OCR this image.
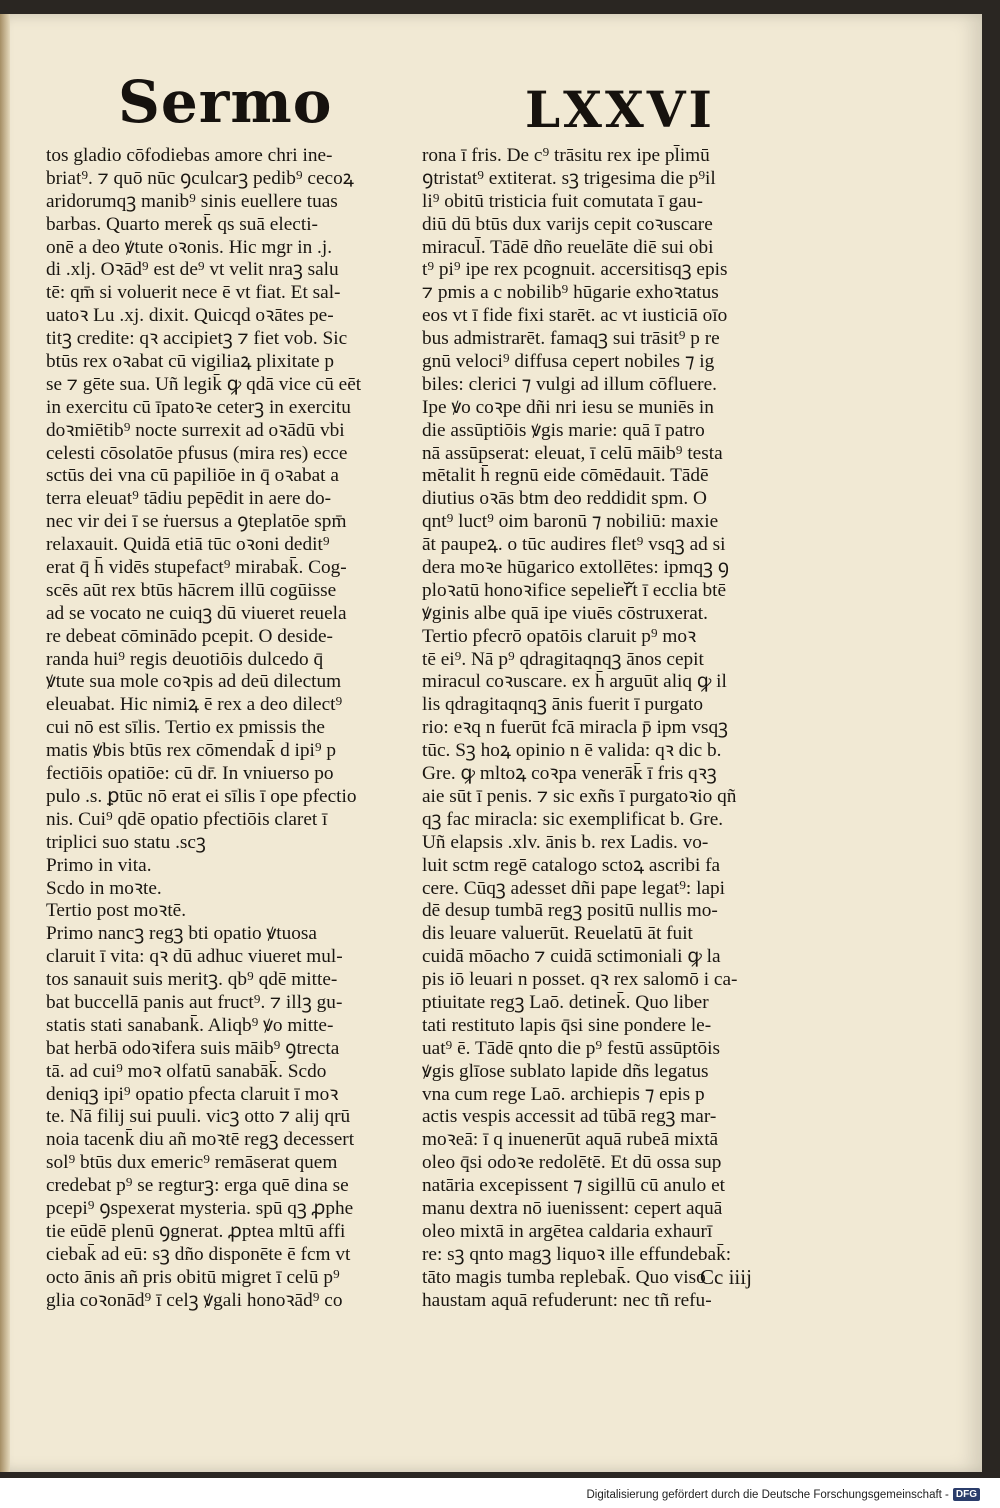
Sermo	LXXVI
tos gladio cōfodiebas amore chri ine-
briat⁹. ⁊ quō nūc ꝯculcarꝫ pedib⁹ cecoꝝ
aridorumqꝫ manib⁹ sinis euellere tuas
barbas. Quarto merek̄ qs suā electi-
onē a deo ꝟtute oꝛonis. Hic mgr in .j.
di .xlj. Oꝛād⁹ est de⁹ vt velit nraꝫ salu
tē: qm̄ si voluerit nece ē vt fiat. Et sal-
uatoꝛ Lu .xj. dixit. Quicqd oꝛātes pe-
titꝫ credite: qꝛ accipietꝫ ⁊ fiet vob. Sic
btūs rex oꝛabat cū vigiliaꝝ plixitate p
se ⁊ gēte sua. Uñ legik̄ ꝙ qdā vice cū eēt
in exercitu cū īpatoꝛe ceterꝫ in exercitu
doꝛmiētib⁹ nocte surrexit ad oꝛādū vbi
celesti cōsolatōe pfusus (mira res) ecce
sctūs dei vna cū papiliōe in q̄ oꝛabat a
terra eleuat⁹ tādiu pepēdit in aere do-
nec vir dei ī se ṙuersus a ꝯteplatōe spm̄
relaxauit. Quidā etiā tūc oꝛoni dedit⁹
erat q̄ h̄ vidēs stupefact⁹ mirabak̄. Cog-
scēs aūt rex btūs hācrem illū cogūisse
ad se vocato ne cuiqꝫ dū viueret reuela
re debeat cōminādo pcepit. O deside-
randa hui⁹ regis deuotiōis dulcedo q̄
ꝟtute sua mole coꝛpis ad deū dilectum
eleuabat. Hic nimiꝝ ē rex a deo dilect⁹
cui nō est sīlis. Tertio ex pmissis the
matis ꝟbis btūs rex cōmendak̄ d ipi⁹ p
fectiōis opatiōe: cū dr̄. In vniuerso po
pulo .s. ꝑtūc nō erat ei sīlis ī ope pfectio
nis. Cui⁹ qdē opatio pfectiōis claret ī
triplici suo statu .scꝫ
Primo in vita.
Scdo in moꝛte.
Tertio post moꝛtē.
Primo nancꝫ regꝫ bti opatio ꝟtuosa
claruit ī vita: qꝛ dū adhuc viueret mul-
tos sanauit suis meritꝫ. qb⁹ qdē mitte-
bat buccellā panis aut fruct⁹. ⁊ illꝫ gu-
statis stati sanabank̄. Aliqb⁹ ꝟo mitte-
bat herbā odoꝛifera suis māib⁹ ꝯtrecta
tā. ad cui⁹ moꝛ olfatū sanabāk̄. Scdo
deniqꝫ ipi⁹ opatio pfecta claruit ī moꝛ
te. Nā filij sui puuli. vicꝫ otto ⁊ alij qrū
noia tacenk̄ diu añ moꝛtē regꝫ decessert
sol⁹ btūs dux emeric⁹ remāserat quem
credebat p⁹ se regturꝫ: erga quē dina se
pcepi⁹ ꝯspexerat mysteria. spū qꝫ ꝓphe
tie eūdē plenū ꝯgnerat. ꝓptea mltū affi
ciebak̄ ad eū: sꝫ dño disponēte ē fcm vt
octo ānis añ pris obitū migret ī celū p⁹
glia coꝛonād⁹ ī celꝫ ꝟgali honoꝛād⁹ co
rona ī fris. De c⁹ trāsitu rex ipe pl̄imū
ꝯtristat⁹ extiterat. sꝫ trigesima die p⁹il
li⁹ obitū tristicia fuit comutata ī gau-
diū dū btūs dux varijs cepit coꝛuscare
miracul̄. Tādē dño reuelāte diē sui obi
t⁹ pi⁹ ipe rex pcognuit. accersitisqꝫ epis
⁊ pmis a c nobilib⁹ hūgarie exhoꝛtatus
eos vt ī fide fixi starēt. ac vt iusticiā oīo
bus admistrarēt. famaqꝫ sui trāsit⁹ p re
gnū veloci⁹ diffusa cepert nobiles ⁊ ig
biles: clerici ⁊ vulgi ad illum cōfluere.
Ipe ꝟo coꝛpe dñi nri iesu se muniēs in
die assūptiōis ꝟgis marie: quā ī patro
nā assūpserat: eleuat, ī celū māib⁹ testa
mētalit h̄ regnū eide cōmēdauit. Tādē
diutius oꝛās btm deo reddidit spm. O
qnt⁹ luct⁹ oim baronū ⁊ nobiliū: maxie
āt paupeꝝ. o tūc audires flet⁹ vsqꝫ ad si
dera moꝛe hūgarico extollētes: ipmqꝫ ꝯ
ploꝛatū honoꝛifice sepelierᷓt ī ecclia btē
ꝟginis albe quā ipe viuēs cōstruxerat.
Tertio pfecrō opatōis claruit p⁹ moꝛ
tē ei⁹. Nā p⁹ qdragitaqnqꝫ ānos cepit
miracul coꝛuscare. ex h̄ arguūt aliq ꝙ il
lis qdragitaqnqꝫ ānis fuerit ī purgato
rio: eꝛq n fuerūt fcā miracla p̄ ipm vsqꝫ
tūc. Sꝫ hoꝝ opinio n ē valida: qꝛ dic b.
Gre. ꝙ mltoꝝ coꝛpa venerāk̄ ī fris qꝛꝫ
aie sūt ī penis. ⁊ sic exñs ī purgatoꝛio qñ
qꝫ fac miracla: sic exemplificat b. Gre.
Uñ elapsis .xlv. ānis b. rex Ladis. vo-
luit sctm regē catalogo sctoꝝ ascribi fa
cere. Cūqꝫ adesset dñi pape legat⁹: lapi
dē desup tumbā regꝫ positū nullis mo-
dis leuare valuerūt. Reuelatū āt fuit
cuidā mōacho ⁊ cuidā sctimoniali ꝙ la
pis iō leuari n posset. qꝛ rex salomō i ca-
ptiuitate regꝫ Laō. detinek̄. Quo liber
tati restituto lapis q̄si sine pondere le-
uat⁹ ē. Tādē qnto die p⁹ festū assūptōis
ꝟgis glīose sublato lapide dñs legatus
vna cum rege Laō. archiepis ⁊ epis p
actis vespis accessit ad tūbā regꝫ mar-
moꝛeā: ī q inuenerūt aquā rubeā mixtā
oleo q̄si odoꝛe redolētē. Et dū ossa sup
natāria excepissent ⁊ sigillū cū anulo et
manu dextra nō iuenissent: cepert aquā
oleo mixtā in argētea caldaria exhaurī
re: sꝫ qnto magꝫ liquoꝛ ille effundebak̄:
tāto magis tumba replebak̄. Quo viso
haustam aquā refuderunt: nec tñ refu-
Cc iiij
Digitalisierung gefördert durch die Deutsche Forschungsgemeinschaft - DFG
